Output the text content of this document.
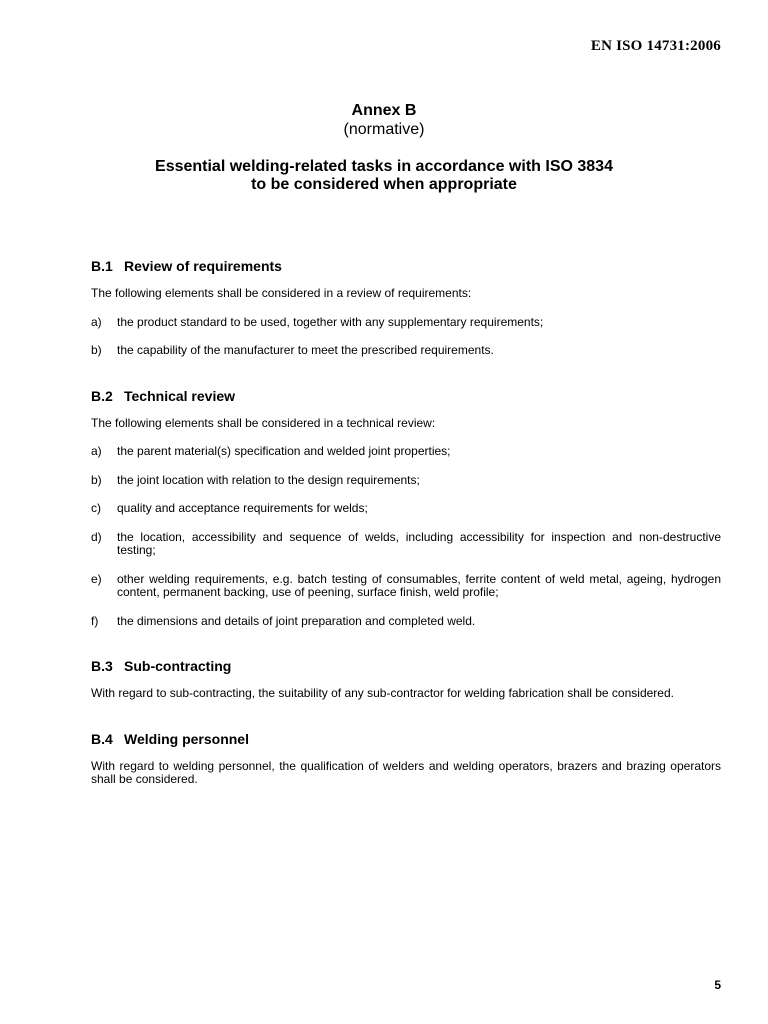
EN ISO 14731:2006
Annex B
(normative)
Essential welding-related tasks in accordance with ISO 3834
to be considered when appropriate
B.1 Review of requirements
The following elements shall be considered in a review of requirements:
a)	the product standard to be used, together with any supplementary requirements;
b)	the capability of the manufacturer to meet the prescribed requirements.
B.2 Technical review
The following elements shall be considered in a technical review:
a)	the parent material(s) specification and welded joint properties;
b)	the joint location with relation to the design requirements;
c)	quality and acceptance requirements for welds;
d)	the location, accessibility and sequence of welds, including accessibility for inspection and non-destructive testing;
e)	other welding requirements, e.g. batch testing of consumables, ferrite content of weld metal, ageing, hydrogen content, permanent backing, use of peening, surface finish, weld profile;
f)	the dimensions and details of joint preparation and completed weld.
B.3 Sub-contracting
With regard to sub-contracting, the suitability of any sub-contractor for welding fabrication shall be considered.
B.4 Welding personnel
With regard to welding personnel, the qualification of welders and welding operators, brazers and brazing operators shall be considered.
5
